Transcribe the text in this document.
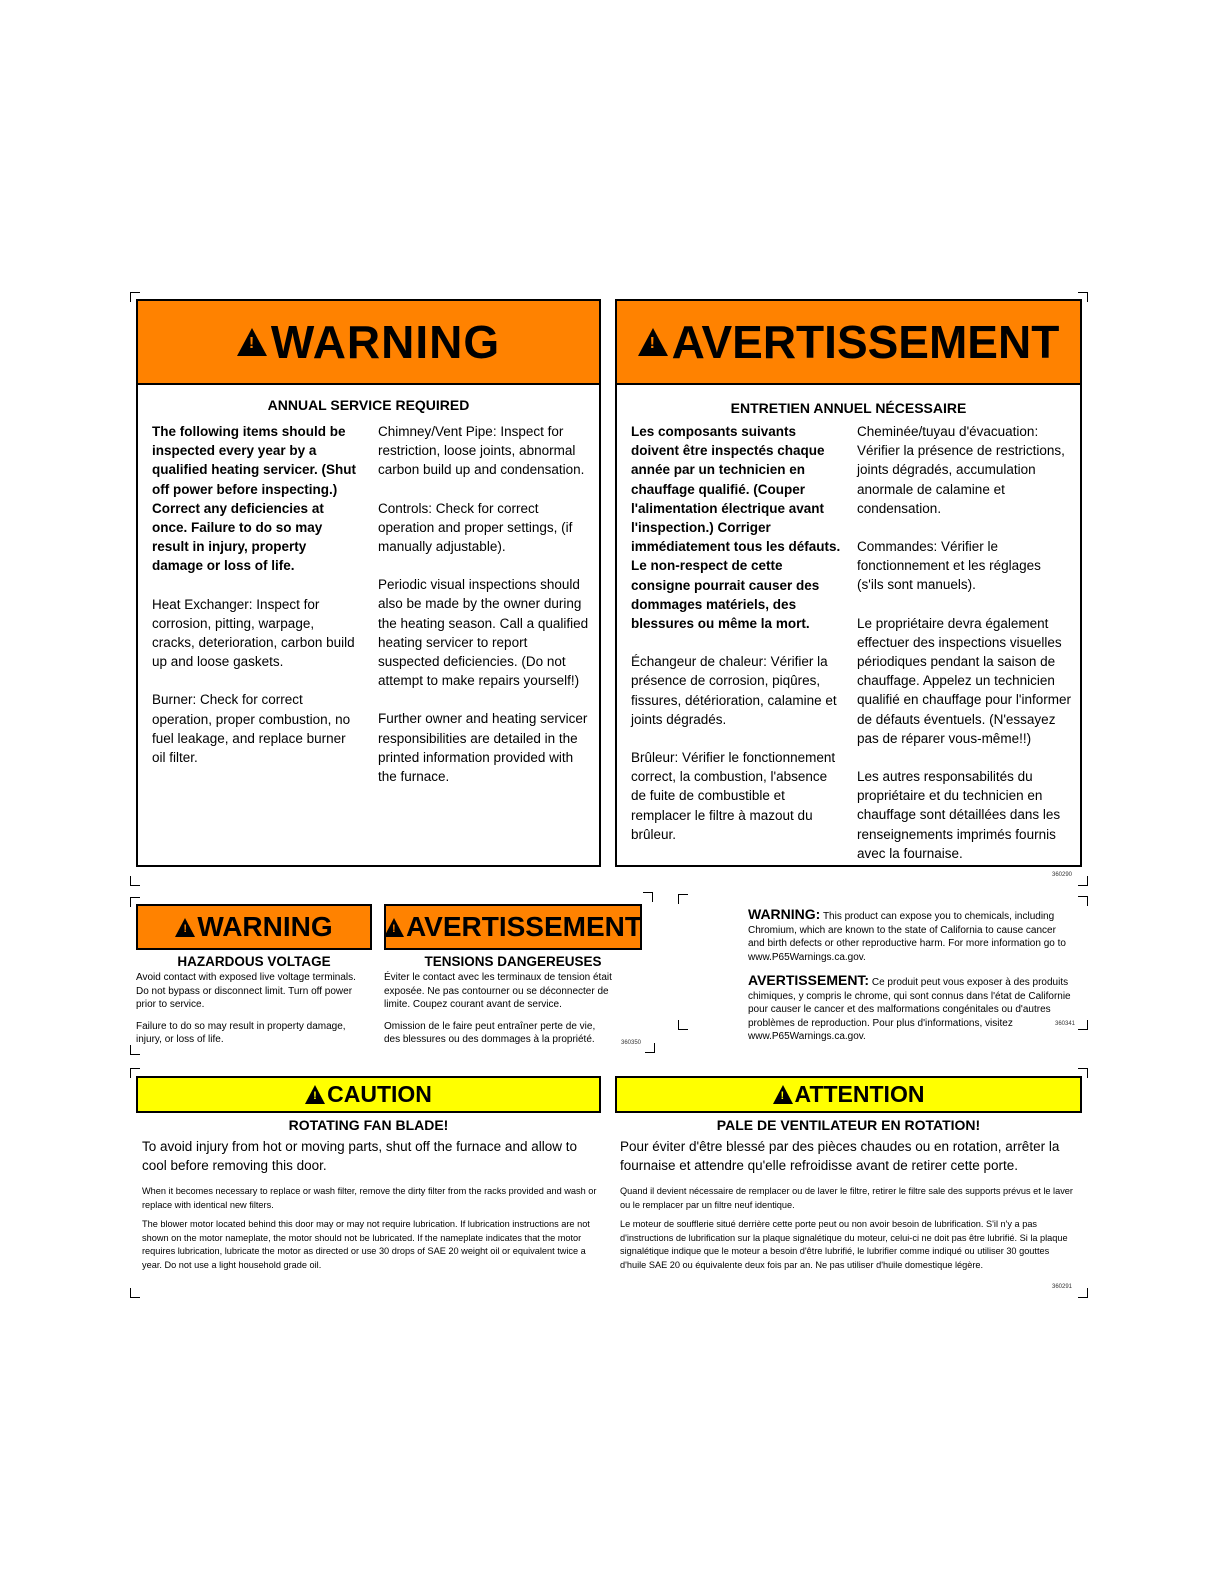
!
WARNING
ANNUAL SERVICE REQUIRED

The following items should be inspected every year by a qualified heating servicer. (Shut off power before inspecting.) Correct any deficiencies at once. Failure to do so may result in injury, property damage or loss of life.

Heat Exchanger: Inspect for corrosion, pitting, warpage, cracks, deterioration, carbon build up and loose gaskets.

Burner: Check for correct operation, proper combustion, no fuel leakage, and replace burner oil filter.

Chimney/Vent Pipe: Inspect for restriction, loose joints, abnormal carbon build up and condensation.

Controls: Check for correct operation and proper settings, (if manually adjustable).

Periodic visual inspections should also be made by the owner during the heating season. Call a qualified heating servicer to report suspected deficiencies. (Do not attempt to make repairs yourself!)

Further owner and heating servicer responsibilities are detailed in the printed information provided with the furnace.

!
AVERTISSEMENT
ENTRETIEN ANNUEL NÉCESSAIRE

Les composants suivants doivent être inspectés chaque année par un technicien en chauffage qualifié. (Couper l'alimentation électrique avant l'inspection.) Corriger immédiatement tous les défauts. Le non-respect de cette consigne pourrait causer des dommages matériels, des blessures ou même la mort.

Échangeur de chaleur: Vérifier la présence de corrosion, piqûres, fissures, détérioration, calamine et joints dégradés.

Brûleur: Vérifier le fonctionnement correct, la combustion, l'absence de fuite de combustible et remplacer le filtre à mazout du brûleur.

Cheminée/tuyau d'évacuation: Vérifier la présence de restrictions, joints dégradés, accumulation anormale de calamine et condensation.

Commandes: Vérifier le fonctionnement et les réglages (s'ils sont manuels).

Le propriétaire devra également effectuer des inspections visuelles périodiques pendant la saison de chauffage. Appelez un technicien qualifié en chauffage pour l'informer de défauts éventuels. (N'essayez pas de réparer vous-même!!)

Les autres responsabilités du propriétaire et du technicien en chauffage sont détaillées dans les renseignements imprimés fournis avec la fournaise.

360290
!
WARNING
HAZARDOUS VOLTAGE

Avoid contact with exposed live voltage terminals. Do not bypass or disconnect limit. Turn off power prior to service.

Failure to do so may result in property damage, injury, or loss of life.

!
AVERTISSEMENT
TENSIONS DANGEREUSES

Éviter le contact avec les terminaux de tension était exposée. Ne pas contourner ou se déconnecter de limite. Coupez courant avant de service.

Omission de le faire peut entraîner perte de vie, des blessures ou des dommages à la propriété.	360350

WARNING: This product can expose you to chemicals, including Chromium, which are known to the state of California to cause cancer and birth defects or other reproductive harm. For more information go to www.P65Warnings.ca.gov.

AVERTISSEMENT: Ce produit peut vous exposer à des produits chimiques, y compris le chrome, qui sont connus dans l'état de Californie pour causer le cancer et des malformations congénitales ou d'autres problèmes de reproduction. Pour plus d'informations, visitez www.P65Warnings.ca.gov.

360341
!
CAUTION
ROTATING FAN BLADE!

To avoid injury from hot or moving parts, shut off the furnace and allow to cool before removing this door.

When it becomes necessary to replace or wash filter, remove the dirty filter from the racks provided and wash or replace with identical new filters.

The blower motor located behind this door may or may not require lubrication. If lubrication instructions are not shown on the motor nameplate, the motor should not be lubricated. If the nameplate indicates that the motor requires lubrication, lubricate the motor as directed or use 30 drops of SAE 20 weight oil or equivalent twice a year. Do not use a light household grade oil.

!
ATTENTION
PALE DE VENTILATEUR EN ROTATION!

Pour éviter d'être blessé par des pièces chaudes ou en rotation, arrêter la fournaise et attendre qu'elle refroidisse avant de retirer cette porte.

Quand il devient nécessaire de remplacer ou de laver le filtre, retirer le filtre sale des supports prévus et le laver ou le remplacer par un filtre neuf identique.

Le moteur de soufflerie situé derrière cette porte peut ou non avoir besoin de lubrification. S'il n'y a pas d'instructions de lubrification sur la plaque signalétique du moteur, celui-ci ne doit pas être lubrifié. Si la plaque signalétique indique que le moteur a besoin d'être lubrifié, le lubrifier comme indiqué ou utiliser 30 gouttes d'huile SAE 20 ou équivalente deux fois par an. Ne pas utiliser d'huile domestique légère.

360291
